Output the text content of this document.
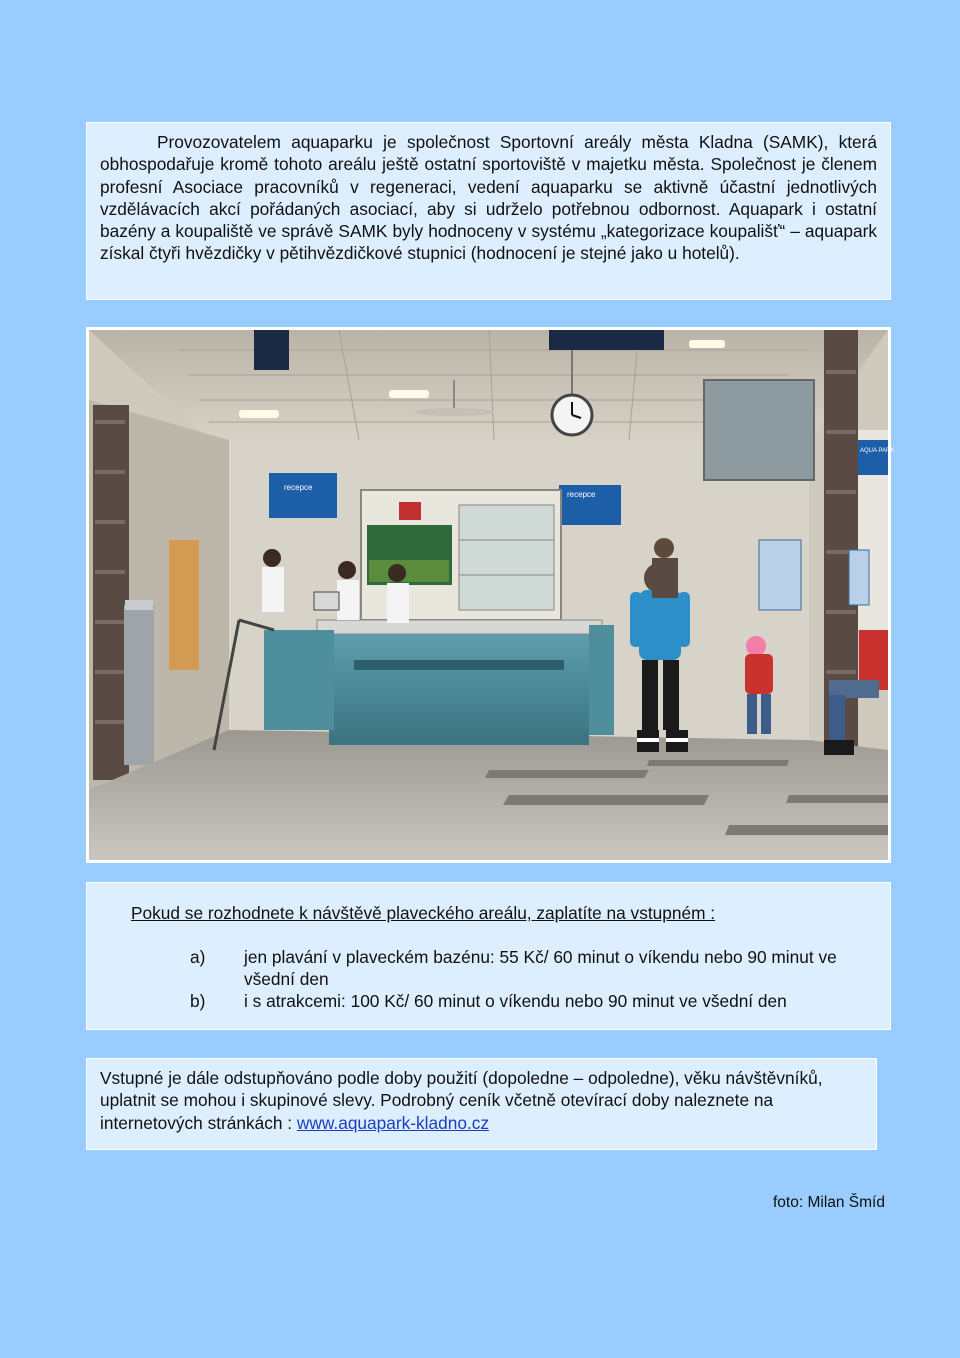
Provozovatelem aquaparku je společnost Sportovní areály města Kladna (SAMK), která obhospodařuje kromě tohoto areálu ještě ostatní sportoviště v majetku města. Společnost je členem profesní Asociace pracovníků v regeneraci, vedení aquaparku se aktivně účastní jednotlivých vzdělávacích akcí pořádaných asociací, aby si udrželo potřebnou odbornost. Aquapark i ostatní bazény a koupaliště ve správě SAMK byly hodnoceny v systému „kategorizace koupališť“ – aquapark získal čtyři hvězdičky v pětihvězdičkové stupnici (hodnocení je stejné jako u hotelů).

recepce
recepce
AQUA PARK
Pokud se rozhodnete k návštěvě plaveckého areálu, zaplatíte na vstupném :
a) jen plavání v plaveckém bazénu: 55 Kč/ 60 minut o víkendu nebo 90 minut ve všední den
b) i s atrakcemi: 100 Kč/ 60 minut o víkendu nebo 90 minut ve všední den

Vstupné je dále odstupňováno podle doby použití (dopoledne – odpoledne), věku návštěvníků, uplatnit se mohou i skupinové slevy. Podrobný ceník včetně otevírací doby naleznete na internetových stránkách : www.aquapark-kladno.cz

foto: Milan Šmíd
